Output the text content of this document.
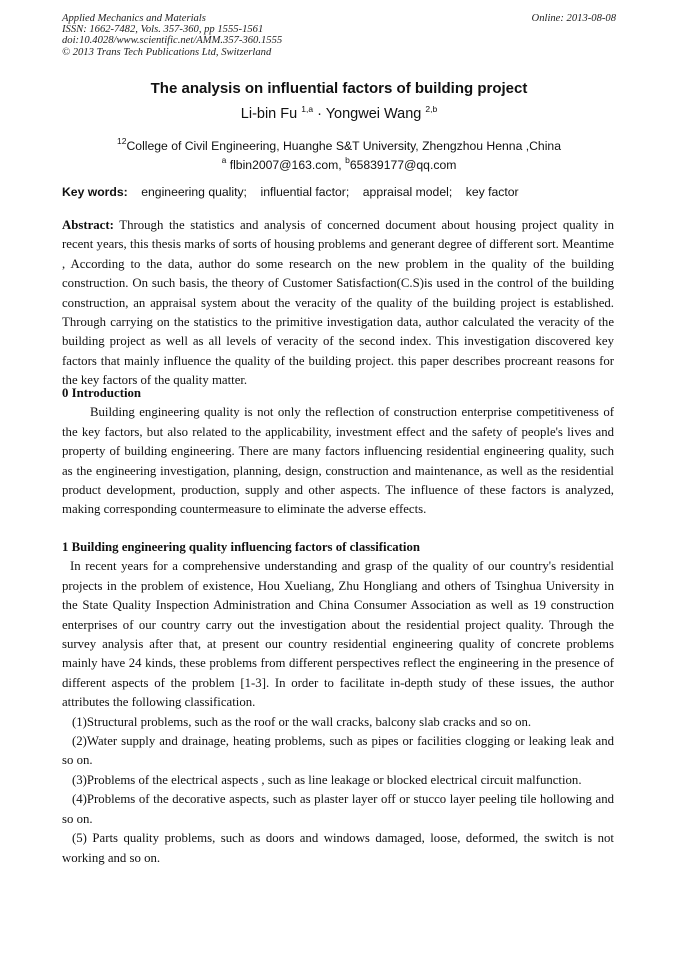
Applied Mechanics and Materials
ISSN: 1662-7482, Vols. 357-360, pp 1555-1561
doi:10.4028/www.scientific.net/AMM.357-360.1555
© 2013 Trans Tech Publications Ltd, Switzerland
Online: 2013-08-08
The analysis on influential factors of building project
Li-bin Fu $^{1,a}$ · Yongwei Wang $^{2,b}$
$^{12}$College of Civil Engineering, Huanghe S&T University, Zhengzhou Henna ,China
$^a$ flbin2007@163.com, $^b$65839177@qq.com
Key words:    engineering quality;    influential factor;    appraisal model;    key factor

Abstract: Through the statistics and analysis of concerned document about housing project quality in recent years, this thesis marks of sorts of housing problems and generant degree of different sort. Meantime , According to the data, author do some research on the new problem in the quality of the building construction. On such basis, the theory of Customer Satisfaction(C.S)is used in the control of the building construction, an appraisal system about the veracity of the quality of the building project is established. Through carrying on the statistics to the primitive investigation data, author calculated the veracity of the building project as well as all levels of veracity of the second index. This investigation discovered key factors that mainly influence the quality of the building project. this paper describes procreant reasons for the key factors of the quality matter.

0 Introduction

Building engineering quality is not only the reflection of construction enterprise competitiveness of the key factors, but also related to the applicability, investment effect and the safety of people's lives and property of building engineering. There are many factors influencing residential engineering quality, such as the engineering investigation, planning, design, construction and maintenance, as well as the residential product development, production, supply and other aspects. The influence of these factors is analyzed, making corresponding countermeasure to eliminate the adverse effects.

1 Building engineering quality influencing factors of classification

In recent years for a comprehensive understanding and grasp of the quality of our country's residential projects in the problem of existence, Hou Xueliang, Zhu Hongliang and others of Tsinghua University in the State Quality Inspection Administration and China Consumer Association as well as 19 construction enterprises of our country carry out the investigation about the residential project quality. Through the survey analysis after that, at present our country residential engineering quality of concrete problems mainly have 24 kinds, these problems from different perspectives reflect the engineering in the presence of different aspects of the problem [1-3]. In order to facilitate in-depth study of these issues, the author attributes the following classification.

(1)Structural problems, such as the roof or the wall cracks, balcony slab cracks and so on.

(2)Water supply and drainage, heating problems, such as pipes or facilities clogging or leaking leak and so on.

(3)Problems of the electrical aspects , such as line leakage or blocked electrical circuit malfunction.

(4)Problems of the decorative aspects, such as plaster layer off or stucco layer peeling tile hollowing and so on.

(5) Parts quality problems, such as doors and windows damaged, loose, deformed, the switch is not working and so on.
